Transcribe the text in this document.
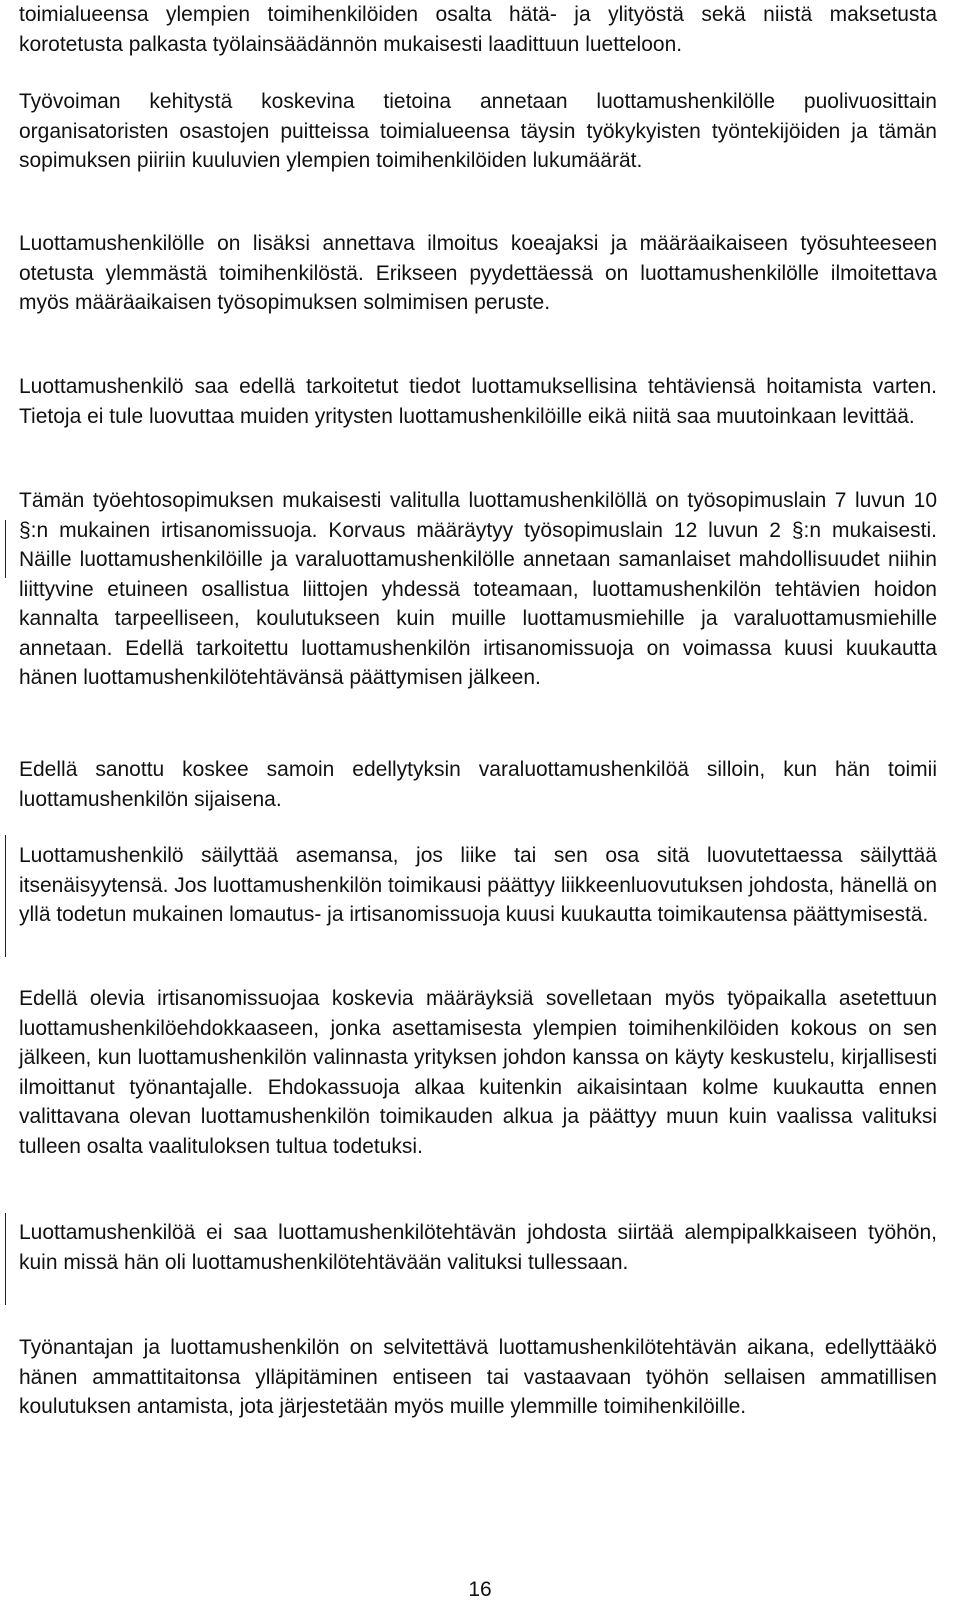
toimialueensa ylempien toimihenkilöiden osalta hätä- ja ylityöstä sekä niistä maksetusta korotetusta palkasta työlainsäädännön mukaisesti laadittuun luetteloon.

Työvoiman kehitystä koskevina tietoina annetaan luottamushenkilölle puolivuosittain organisatoristen osastojen puitteissa toimialueensa täysin työkykyisten työntekijöiden ja tämän sopimuksen piiriin kuuluvien ylempien toimihenkilöiden lukumäärät.

Luottamushenkilölle on lisäksi annettava ilmoitus koeajaksi ja määräaikaiseen työsuhteeseen otetusta ylemmästä toimihenkilöstä. Erikseen pyydettäessä on luottamushenkilölle ilmoitettava myös määräaikaisen työsopimuksen solmimisen peruste.

Luottamushenkilö saa edellä tarkoitetut tiedot luottamuksellisina tehtäviensä hoitamista varten. Tietoja ei tule luovuttaa muiden yritysten luottamushenkilöille eikä niitä saa muutoinkaan levittää.

Tämän työehtosopimuksen mukaisesti valitulla luottamushenkilöllä on työsopimuslain 7 luvun 10 §:n mukainen irtisanomissuoja. Korvaus määräytyy työsopimuslain 12 luvun 2 §:n mukaisesti. Näille luottamushenkilöille ja varaluottamushenkilölle annetaan samanlaiset mahdollisuudet niihin liittyvine etuineen osallistua liittojen yhdessä toteamaan, luottamushenkilön tehtävien hoidon kannalta tarpeelliseen, koulutukseen kuin muille luottamusmiehille ja varaluottamusmiehille annetaan. Edellä tarkoitettu luottamushenkilön irtisanomissuoja on voimassa kuusi kuukautta hänen luottamushenkilötehtävänsä päättymisen jälkeen.

Edellä sanottu koskee samoin edellytyksin varaluottamushenkilöä silloin, kun hän toimii luottamushenkilön sijaisena.

Luottamushenkilö säilyttää asemansa, jos liike tai sen osa sitä luovutettaessa säilyttää itsenäisyytensä. Jos luottamushenkilön toimikausi päättyy liikkeenluovutuksen johdosta, hänellä on yllä todetun mukainen lomautus- ja irtisanomissuoja kuusi kuukautta toimikautensa päättymisestä.

Edellä olevia irtisanomissuojaa koskevia määräyksiä sovelletaan myös työpaikalla asetettuun luottamushenkilöehdokkaaseen, jonka asettamisesta ylempien toimihenkilöiden kokous on sen jälkeen, kun luottamushenkilön valinnasta yrityksen johdon kanssa on käyty keskustelu, kirjallisesti ilmoittanut työnantajalle. Ehdokassuoja alkaa kuitenkin aikaisintaan kolme kuukautta ennen valittavana olevan luottamushenkilön toimikauden alkua ja päättyy muun kuin vaalissa valituksi tulleen osalta vaalituloksen tultua todetuksi.

Luottamushenkilöä ei saa luottamushenkilötehtävän johdosta siirtää alempipalkkaiseen työhön, kuin missä hän oli luottamushenkilötehtävään valituksi tullessaan.

Työnantajan ja luottamushenkilön on selvitettävä luottamushenkilötehtävän aikana, edellyttääkö hänen ammattitaitonsa ylläpitäminen entiseen tai vastaavaan työhön sellaisen ammatillisen koulutuksen antamista, jota järjestetään myös muille ylemmille toimihenkilöille.

16
